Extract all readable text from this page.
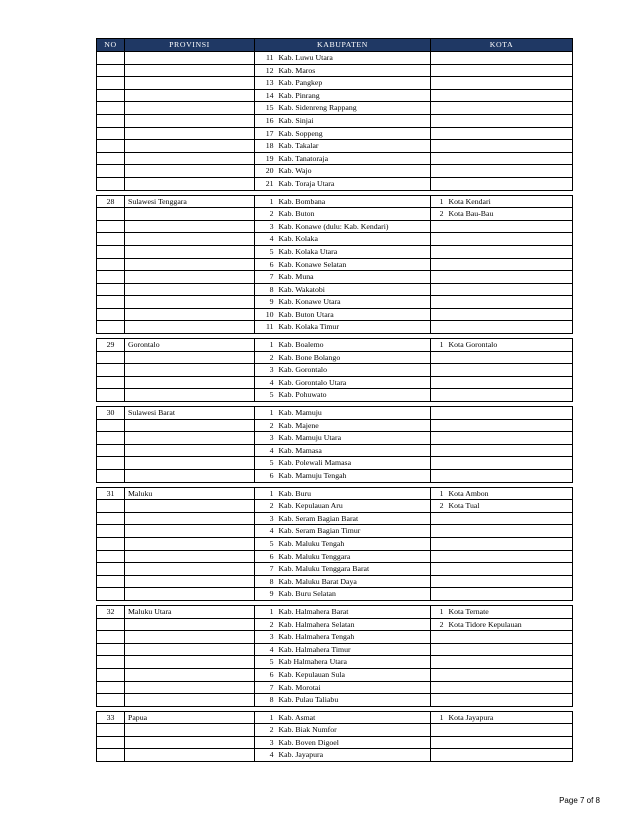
NO	PROVINSI	KABUPATEN		KOTA	
		11	Kab. Luwu Utara		
		12	Kab. Maros		
		13	Kab. Pangkep		
		14	Kab. Pinrang		
		15	Kab. Sidenreng Rappang		
		16	Kab. Sinjai		
		17	Kab. Soppeng		
		18	Kab. Takalar		
		19	Kab. Tanatoraja		
		20	Kab. Wajo		
		21	Kab. Toraja Utara		

28	Sulawesi Tenggara	1	Kab. Bombana	1	Kota Kendari
		2	Kab. Buton	2	Kota Bau-Bau
		3	Kab. Konawe (dulu: Kab. Kendari)		
		4	Kab. Kolaka		
		5	Kab. Kolaka Utara		
		6	Kab. Konawe Selatan		
		7	Kab. Muna		
		8	Kab. Wakatobi		
		9	Kab. Konawe Utara		
		10	Kab. Buton Utara		
		11	Kab. Kolaka Timur		

29	Gorontalo	1	Kab. Boalemo	1	Kota Gorontalo
		2	Kab. Bone Bolango		
		3	Kab. Gorontalo		
		4	Kab. Gorontalo Utara		
		5	Kab. Pohuwato		

30	Sulawesi Barat	1	Kab. Mamuju		
		2	Kab. Majene		
		3	Kab. Mamuju Utara		
		4	Kab. Mamasa		
		5	Kab. Polewali Mamasa		
		6	Kab. Mamuju Tengah		

31	Maluku	1	Kab. Buru	1	Kota Ambon
		2	Kab. Kepulauan Aru	2	Kota Tual
		3	Kab. Seram Bagian Barat		
		4	Kab. Seram Bagian Timur		
		5	Kab. Maluku Tengah		
		6	Kab. Maluku Tenggara		
		7	Kab. Maluku Tenggara Barat		
		8	Kab. Maluku Barat Daya		
		9	Kab. Buru Selatan		

32	Maluku Utara	1	Kab. Halmahera Barat	1	Kota Ternate
		2	Kab. Halmahera Selatan	2	Kota Tidore Kepulauan
		3	Kab. Halmahera Tengah		
		4	Kab. Halmahera Timur		
		5	Kab Halmahera Utara		
		6	Kab. Kepulauan Sula		
		7	Kab. Morotai		
		8	Kab. Pulau Taliabu		

33	Papua	1	Kab. Asmat	1	Kota Jayapura
		2	Kab. Biak Numfor		
		3	Kab. Boven Digoel		
		4	Kab. Jayapura		
Page 7 of 8
